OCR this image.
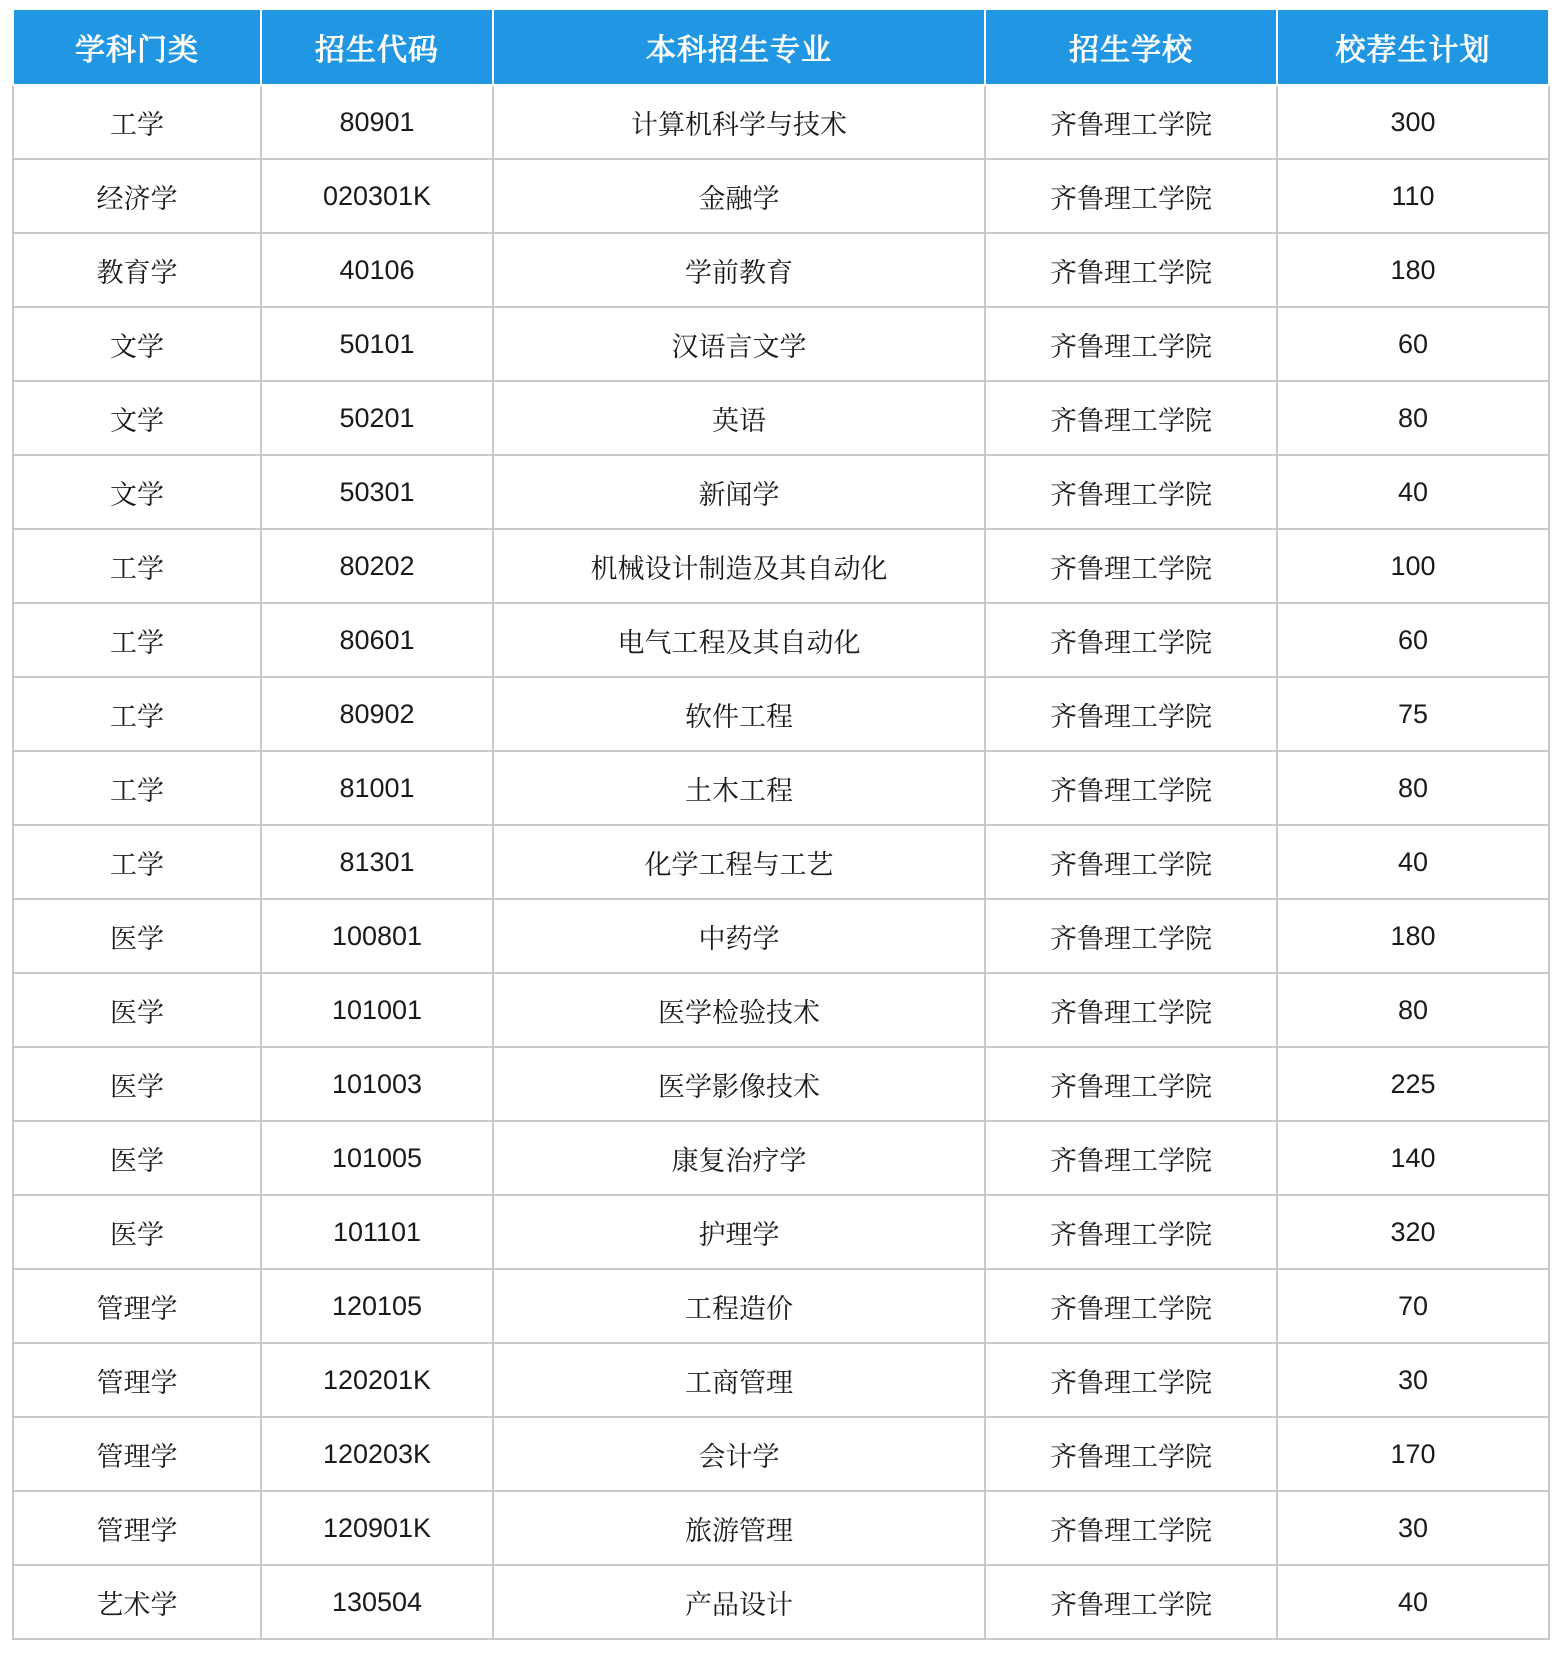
学科门类	招生代码	本科招生专业	招生学校	校荐生计划
工学	80901	计算机科学与技术	齐鲁理工学院	300
经济学	020301K	金融学	齐鲁理工学院	110
教育学	40106	学前教育	齐鲁理工学院	180
文学	50101	汉语言文学	齐鲁理工学院	60
文学	50201	英语	齐鲁理工学院	80
文学	50301	新闻学	齐鲁理工学院	40
工学	80202	机械设计制造及其自动化	齐鲁理工学院	100
工学	80601	电气工程及其自动化	齐鲁理工学院	60
工学	80902	软件工程	齐鲁理工学院	75
工学	81001	土木工程	齐鲁理工学院	80
工学	81301	化学工程与工艺	齐鲁理工学院	40
医学	100801	中药学	齐鲁理工学院	180
医学	101001	医学检验技术	齐鲁理工学院	80
医学	101003	医学影像技术	齐鲁理工学院	225
医学	101005	康复治疗学	齐鲁理工学院	140
医学	101101	护理学	齐鲁理工学院	320
管理学	120105	工程造价	齐鲁理工学院	70
管理学	120201K	工商管理	齐鲁理工学院	30
管理学	120203K	会计学	齐鲁理工学院	170
管理学	120901K	旅游管理	齐鲁理工学院	30
艺术学	130504	产品设计	齐鲁理工学院	40
